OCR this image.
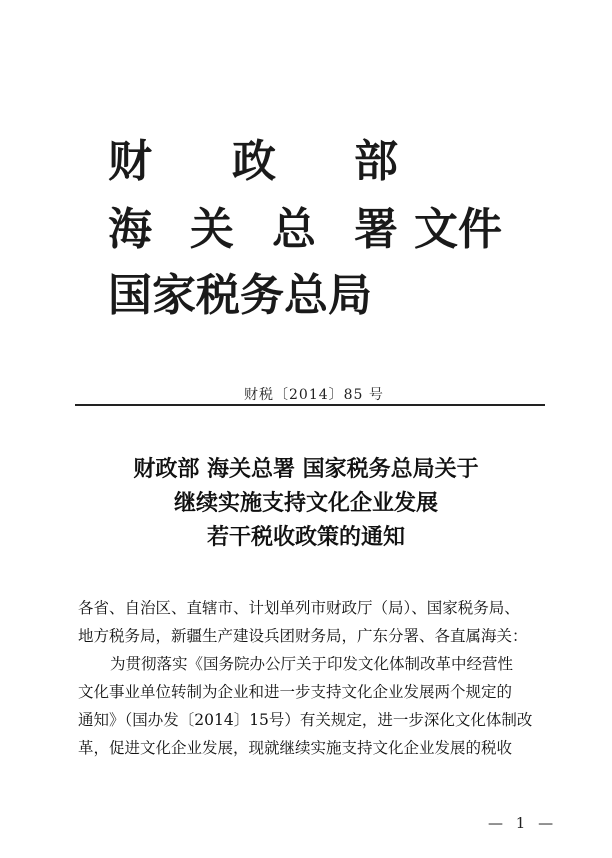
财 政 部
海 关 总 署 文件
国家税务总局
财税〔2014〕85 号
财政部 海关总署 国家税务总局关于
继续实施支持文化企业发展
若干税收政策的通知

各省、自治区、直辖市、计划单列市财政厅（局）、国家税务局、

地方税务局，新疆生产建设兵团财务局，广东分署、各直属海关：

为贯彻落实《国务院办公厅关于印发文化体制改革中经营性

文化事业单位转制为企业和进一步支持文化企业发展两个规定的

通知》（国办发〔2014〕15号）有关规定，进一步深化文化体制改

革，促进文化企业发展，现就继续实施支持文化企业发展的税收

— 1 —
